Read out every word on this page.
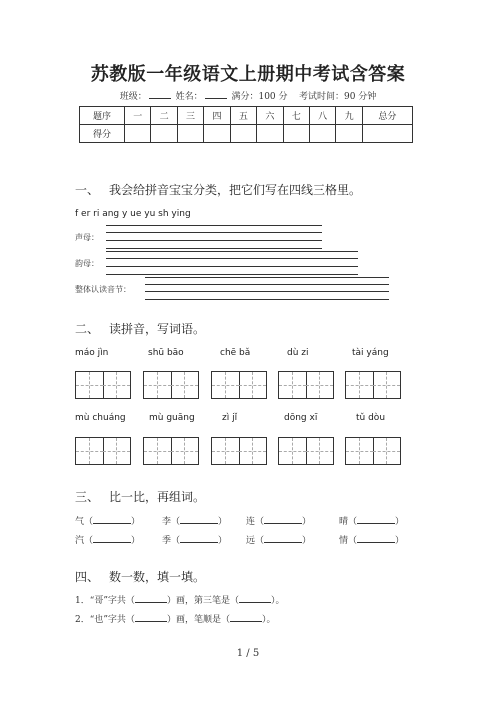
苏教版一年级语文上册期中考试含答案
班级：	姓名：	满分：100 分 考试时间：90 分钟
题序	一	二	三	四	五	六	七	八	九	总分
得分										
一、 我会给拼音宝宝分类，把它们写在四线三格里。
f er ri ang y ue yu sh ying
声母：
韵母：
整体认读音节：
二、 读拼音，写词语。
máo jìn	shū bāo	chē bǎ	dù zi	tài yáng
mù chuáng	mù guāng	zì jǐ	dōng xī	tǔ dòu
三、 比一比，再组词。
气（	） 李（	） 连（	）	晴（	）
汽（	） 季（	） 远（	）	情（	）
四、 数一数，填一填。
1．“哥”字共（	）画，第三笔是（	）。
2．“也”字共（	）画，笔顺是（	）。
1 / 5
